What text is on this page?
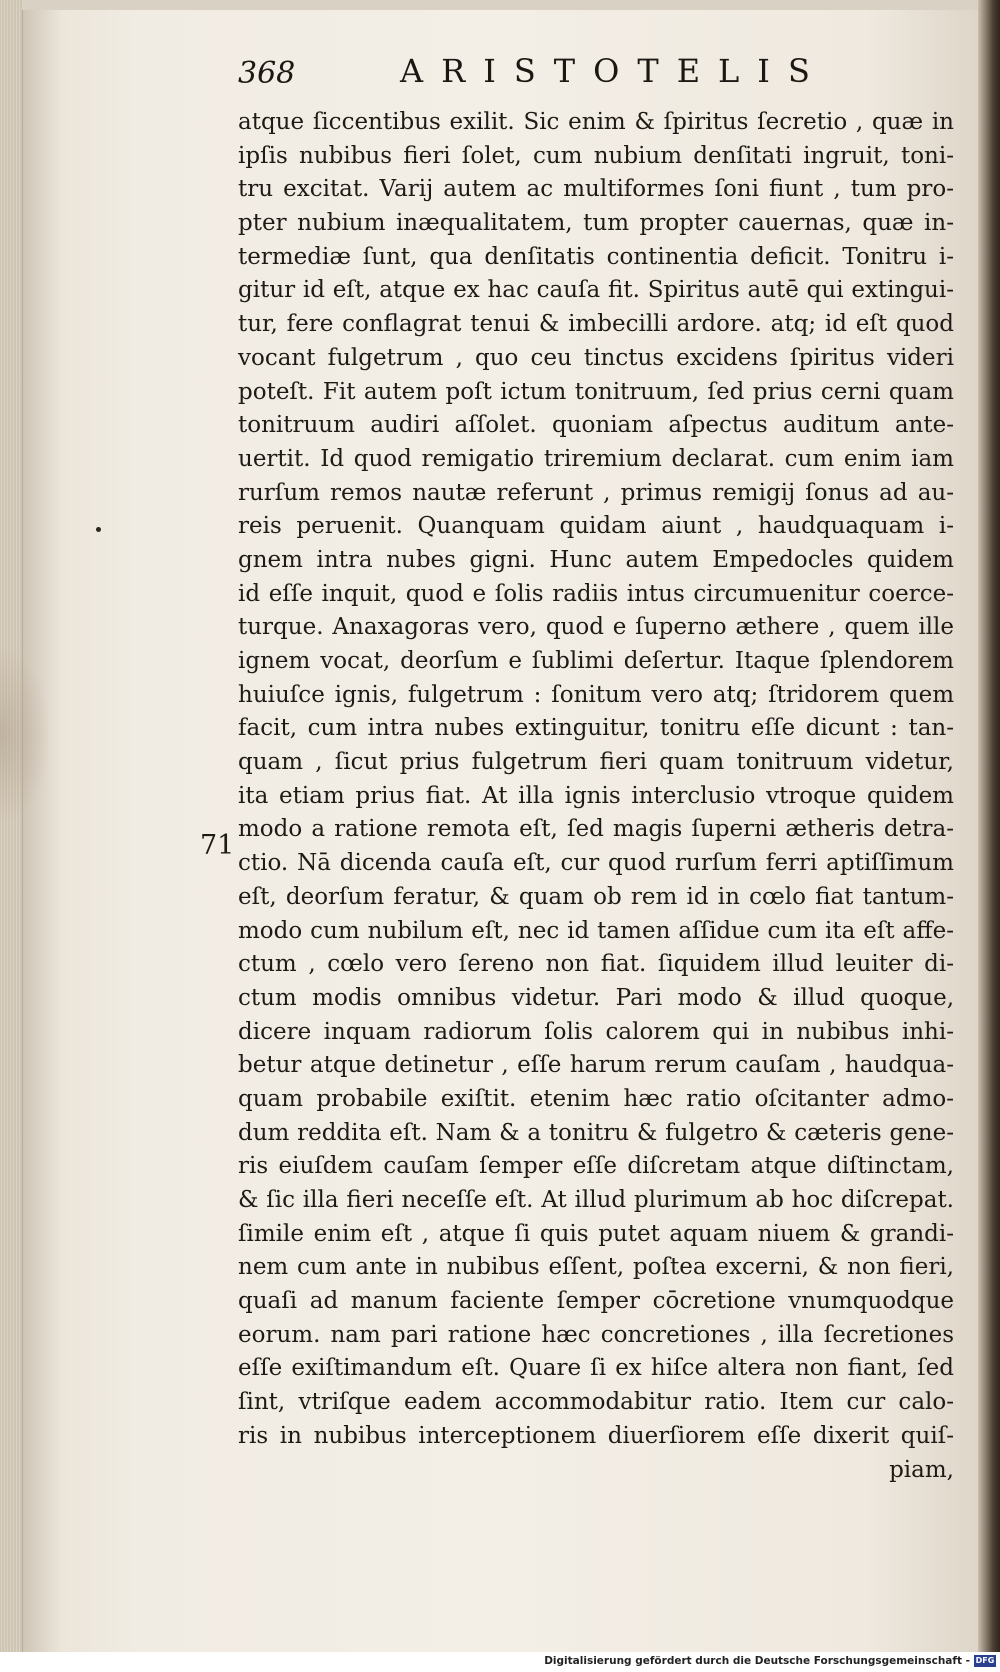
368	ARISTOTELIS
71
atque ſiccentibus exilit. Sic enim & ſpiritus ſecretio , quæ in
ipſis nubibus fieri ſolet, cum nubium denſitati ingruit, toni-
tru excitat. Varij autem ac multiformes ſoni fiunt , tum pro-
pter nubium inæqualitatem, tum propter cauernas, quæ in-
termediæ ſunt, qua denſitatis continentia deficit. Tonitru i-
gitur id eſt, atque ex hac cauſa fit. Spiritus autē qui extingui-
tur, fere conflagrat tenui & imbecilli ardore. atq; id eſt quod
vocant fulgetrum , quo ceu tinctus excidens ſpiritus videri
poteſt. Fit autem poſt ictum tonitruum, ſed prius cerni quam
tonitruum audiri aſſolet. quoniam aſpectus auditum ante-
uertit. Id quod remigatio triremium declarat. cum enim iam
rurſum remos nautæ referunt , primus remigij ſonus ad au-
reis peruenit. Quanquam quidam aiunt , haudquaquam i-
gnem intra nubes gigni. Hunc autem Empedocles quidem
id eſſe inquit, quod e ſolis radiis intus circumuenitur coerce-
turque. Anaxagoras vero, quod e ſuperno æthere , quem ille
ignem vocat, deorſum e ſublimi deſertur. Itaque ſplendorem
huiuſce ignis, fulgetrum : ſonitum vero atq; ſtridorem quem
facit, cum intra nubes extinguitur, tonitru eſſe dicunt : tan-
quam , ſicut prius fulgetrum fieri quam tonitruum videtur,
ita etiam prius fiat. At illa ignis interclusio vtroque quidem
modo a ratione remota eſt, ſed magis ſuperni ætheris detra-
ctio. Nā dicenda cauſa eſt, cur quod rurſum ferri aptiſſimum
eſt, deorſum feratur, & quam ob rem id in cœlo fiat tantum-
modo cum nubilum eſt, nec id tamen aſſidue cum ita eſt affe-
ctum , cœlo vero ſereno non fiat. ſiquidem illud leuiter di-
ctum modis omnibus videtur. Pari modo & illud quoque,
dicere inquam radiorum ſolis calorem qui in nubibus inhi-
betur atque detinetur , eſſe harum rerum cauſam , haudqua-
quam probabile exiſtit. etenim hæc ratio oſcitanter admo-
dum reddita eſt. Nam & a tonitru & fulgetro & cæteris gene-
ris eiuſdem cauſam ſemper eſſe diſcretam atque diſtinctam,
& ſic illa fieri neceſſe eſt. At illud plurimum ab hoc diſcrepat.
ſimile enim eſt , atque ſi quis putet aquam niuem & grandi-
nem cum ante in nubibus eſſent, poſtea excerni, & non fieri,
quaſi ad manum faciente ſemper cōcretione vnumquodque
eorum. nam pari ratione hæc concretiones , illa ſecretiones
eſſe exiſtimandum eſt. Quare ſi ex hiſce altera non fiant, ſed
ſint, vtriſque eadem accommodabitur ratio. Item cur calo-
ris in nubibus interceptionem diuerſiorem eſſe dixerit quiſ-
piam,
Digitalisierung gefördert durch die Deutsche Forschungsgemeinschaft - DFG
